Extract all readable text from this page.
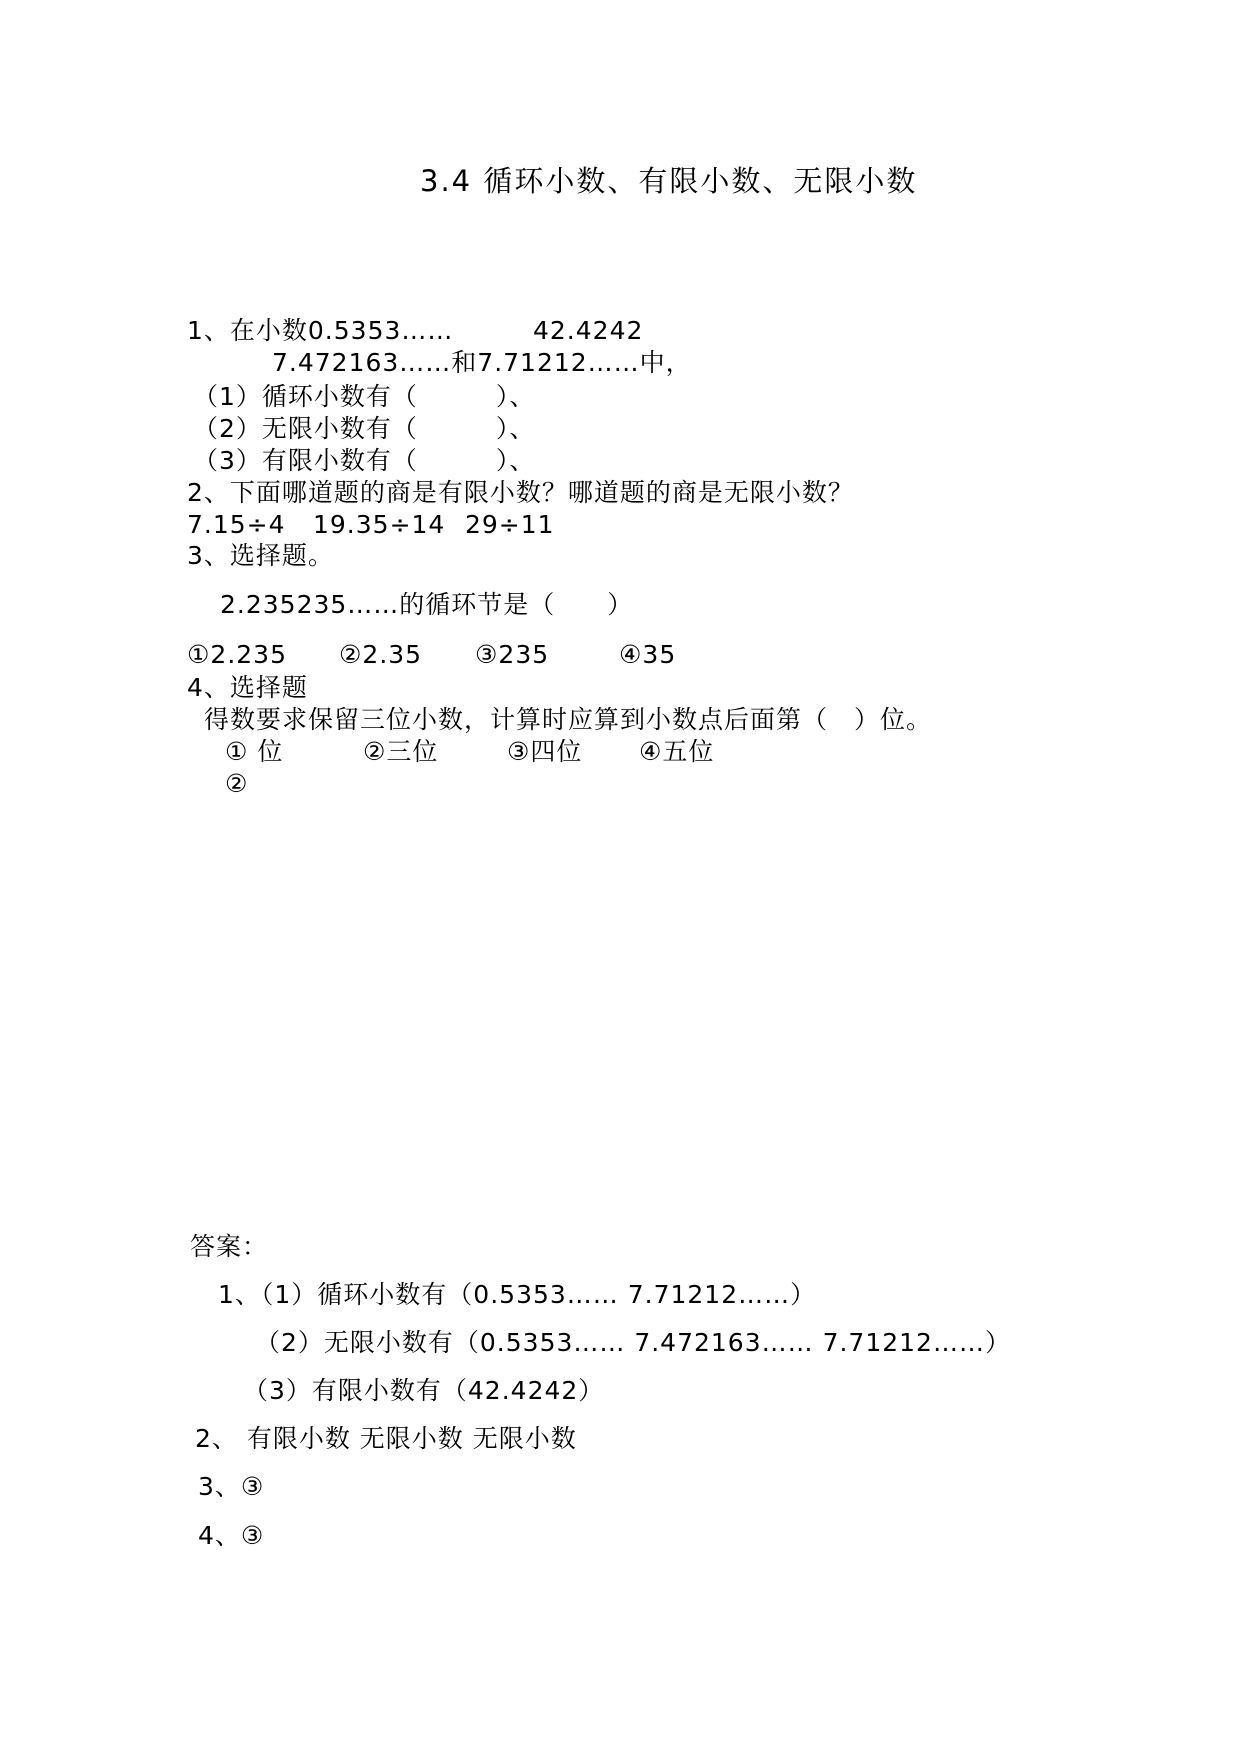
3.4 循环小数、有限小数、无限小数
1、在小数0.5353……	42.4242
7.472163……和7.71212……中，
（1）循环小数有（　　　）、
（2）无限小数有（　　　）、
（3）有限小数有（　　　）、
2、下面哪道题的商是有限小数？哪道题的商是无限小数？
7.15÷4 19.35÷14 29÷11
3、选择题。
2.235235……的循环节是（　　）
①2.235 ②2.35 ③235	④35
4、选择题
得数要求保留三位小数，计算时应算到小数点后面第（　）位。
① 位	②三位	③四位 ④五位
②
答案：
1、（1）循环小数有（0.5353…… 7.71212……）
（2）无限小数有（0.5353…… 7.472163…… 7.71212……）
（3）有限小数有（42.4242）
2、 有限小数 无限小数 无限小数
3、③
4、③
